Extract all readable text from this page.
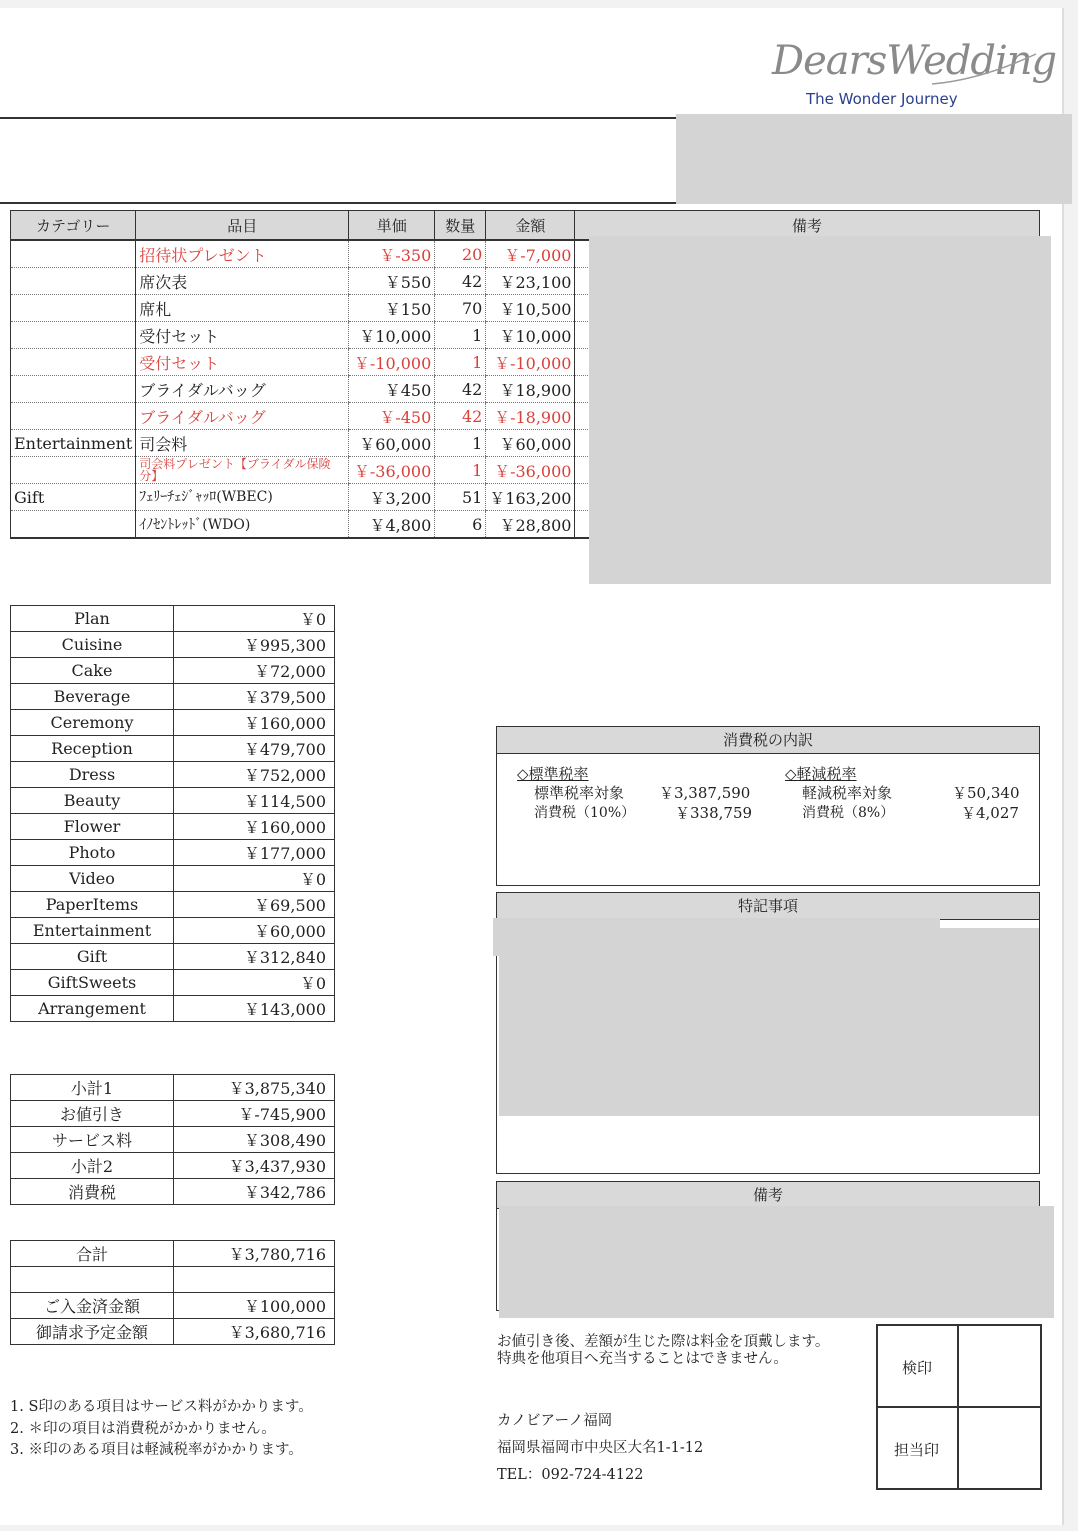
DearsWedding
The Wonder Journey
カテゴリー	品目	単価	数量	金額	備考
	招待状プレゼント	￥-350	20	￥-7,000	
	席次表	￥550	42	￥23,100	
	席札	￥150	70	￥10,500	
	受付セット	￥10,000	1	￥10,000	
	受付セット	￥-10,000	1	￥-10,000	
	ブライダルバッグ	￥450	42	￥18,900	
	ブライダルバッグ	￥-450	42	￥-18,900	
Entertainment	司会料	￥60,000	1	￥60,000	
	司会料プレゼント【ブライダル保険分】	￥-36,000	1	￥-36,000	
Gift	ﾌｪﾘｰﾁｪｼﾞｬｯﾛ(WBEC)	￥3,200	51	￥163,200	
	ｲﾉｾﾝﾄﾚｯﾄﾞ(WDO)	￥4,800	6	￥28,800	
Plan	￥0
Cuisine	￥995,300
Cake	￥72,000
Beverage	￥379,500
Ceremony	￥160,000
Reception	￥479,700
Dress	￥752,000
Beauty	￥114,500
Flower	￥160,000
Photo	￥177,000
Video	￥0
PaperItems	￥69,500
Entertainment	￥60,000
Gift	￥312,840
GiftSweets	￥0
Arrangement	￥143,000
小計1	￥3,875,340
お値引き	￥-745,900
サービス料	￥308,490
小計2	￥3,437,930
消費税	￥342,786
合計	￥3,780,716

ご入金済金額	￥100,000
御請求予定金額	￥3,680,716
消費税の内訳
◇標準税率
標準税率対象 ￥3,387,590
消費税（10%）	￥338,759
◇軽減税率
軽減税率対象	￥50,340
消費税（8%）	￥4,027
特記事項
備考
お値引き後、差額が生じた際は料金を頂戴します。
特典を他項目へ充当することはできません。
カノビアーノ福岡
福岡県福岡市中央区大名1-1-12
TEL：092-724-4122
検印
担当印
1. S印のある項目はサービス料がかかります。
2. ＊印の項目は消費税がかかりません。
3. ※印のある項目は軽減税率がかかります。
